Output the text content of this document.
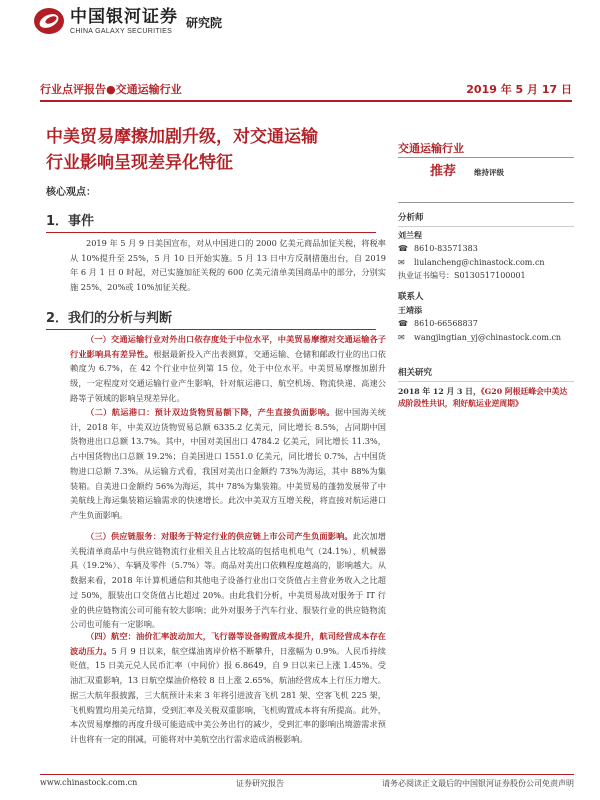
中国银河证券
CHINA GALAXY SECURITIES
研究院
行业点评报告●交通运输行业	2019 年 5 月 17 日
中美贸易摩擦加剧升级，对交通运输
行业影响呈现差异化特征
核心观点：
1．事件
2019 年 5 月 9 日美国宣布，对从中国进口的 2000 亿美元商品加征关税，将税率从 10%提升至 25%，5 月 10 日开始实施。5 月 13 日中方反制措施出台，自 2019 年 6 月 1 日 0 时起，对已实施加征关税的 600 亿美元清单美国商品中的部分，分别实施 25%、20%或 10%加征关税。
2．我们的分析与判断
（一）交通运输行业对外出口依存度处于中位水平，中美贸易摩擦对交通运输各子行业影响具有差异性。根据最新投入产出表测算，交通运输、仓储和邮政行业的出口依赖度为 6.7%，在 42 个行业中位列第 15 位，处于中位水平。中美贸易摩擦加剧升级，一定程度对交通运输行业产生影响，针对航运港口、航空机场、物流快递、高速公路等子领域的影响呈现差异化。
（二）航运港口：预计双边货物贸易额下降，产生直接负面影响。据中国海关统计，2018 年，中美双边货物贸易总额 6335.2 亿美元，同比增长 8.5%，占同期中国货物进出口总额 13.7%。其中，中国对美国出口 4784.2 亿美元，同比增长 11.3%，占中国货物出口总额 19.2%；自美国进口 1551.0 亿美元，同比增长 0.7%，占中国货物进口总额 7.3%。从运输方式看，我国对美出口金额约 73%为海运，其中 88%为集装箱。自美进口金额约 56%为海运，其中 78%为集装箱。中美贸易的蓬勃发展带了中美航线上海运集装箱运输需求的快速增长。此次中美双方互增关税，将直接对航运港口产生负面影响。
（三）供应链服务：对服务于特定行业的供应链上市公司产生负面影响。此次加增关税清单商品中与供应链物流行业相关且占比较高的包括电机电气（24.1%）、机械器具（19.2%）、车辆及零件（5.7%）等。商品对美出口依赖程度越高的，影响越大。从数据来看，2018 年计算机通信和其他电子设备行业出口交货值占主营业务收入之比超过 50%，服装出口交货值占比超过 20%。由此我们分析，中美贸易战对服务于 IT 行业的供应链物流公司可能有较大影响；此外对服务于汽车行业、服装行业的供应链物流公司也可能有一定影响。
（四）航空：油价汇率波动加大，飞行器等设备购置成本提升，航司经营成本存在波动压力。5 月 9 日以来，航空煤油离岸价格不断攀升，日涨幅为 0.9%。人民币持续贬值，15 日美元兑人民币汇率（中间价）报 6.8649，自 9 日以来已上涨 1.45%。受油汇双重影响，13 日航空煤油价格较 8 日上涨 2.65%，航油经营成本上行压力增大。据三大航年报披露，三大航预计未来 3 年将引进波音飞机 281 架、空客飞机 225 架，飞机购置均用美元结算，受到汇率及关税双重影响，飞机购置成本将有所提高。此外，本次贸易摩擦的再度升级可能造成中美公务出行的减少，受到汇率的影响出境游需求预计也将有一定的削减，可能将对中美航空出行需求造成消极影响。
交通运输行业
推荐 维持评级
分析师
刘兰程
☎ 8610-83571383
✉	liulancheng@chinastock.com.cn
执业证书编号： S0130517100001
联系人
王靖添
☎ 8610-66568837
✉	wangjingtian_yj@chinastock.com.cn
相关研究
2018 年 12 月 3 日，《G20 阿根廷峰会中美达成阶段性共识，利好航运业逆周期》
www.chinastock.com.cn	证券研究报告	请务必阅读正文最后的中国银河证券股份公司免责声明
